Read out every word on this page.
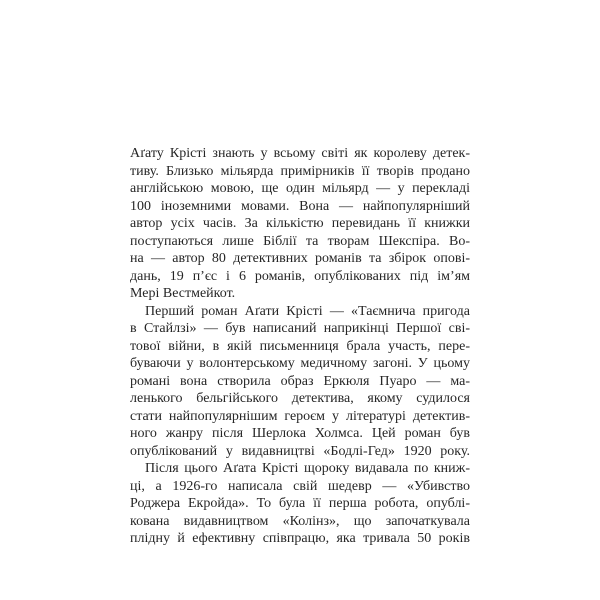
Аґату Крісті знають у всьому світі як королеву детек-
тиву. Близько мільярда примірників її творів продано
англійською мовою, ще один мільярд — у перекладі
100 іноземними мовами. Вона — найпопулярніший
автор усіх часів. За кількістю перевидань її книжки
поступаються лише Біблії та творам Шекспіра. Во-
на — автор 80 детективних романів та збірок опові-
дань, 19 п’єс і 6 романів, опублікованих під ім’ям
Мері Вестмейкот.
Перший роман Аґати Крісті — «Таємнича пригода
в Стайлзі» — був написаний наприкінці Першої сві-
тової війни, в якій письменниця брала участь, пере-
буваючи у волонтерському медичному загоні. У цьому
романі вона створила образ Еркюля Пуаро — ма-
ленького бельгійського детектива, якому судилося
стати найпопулярнішим героєм у літературі детектив-
ного жанру після Шерлока Холмса. Цей роман був
опублікований у видавництві «Бодлі-Гед» 1920 року.
Після цього Аґата Крісті щороку видавала по книж-
ці, а 1926-го написала свій шедевр — «Убивство
Роджера Екройда». То була її перша робота, опублі-
кована видавництвом «Колінз», що започаткувала
плідну й ефективну співпрацю, яка тривала 50 років
